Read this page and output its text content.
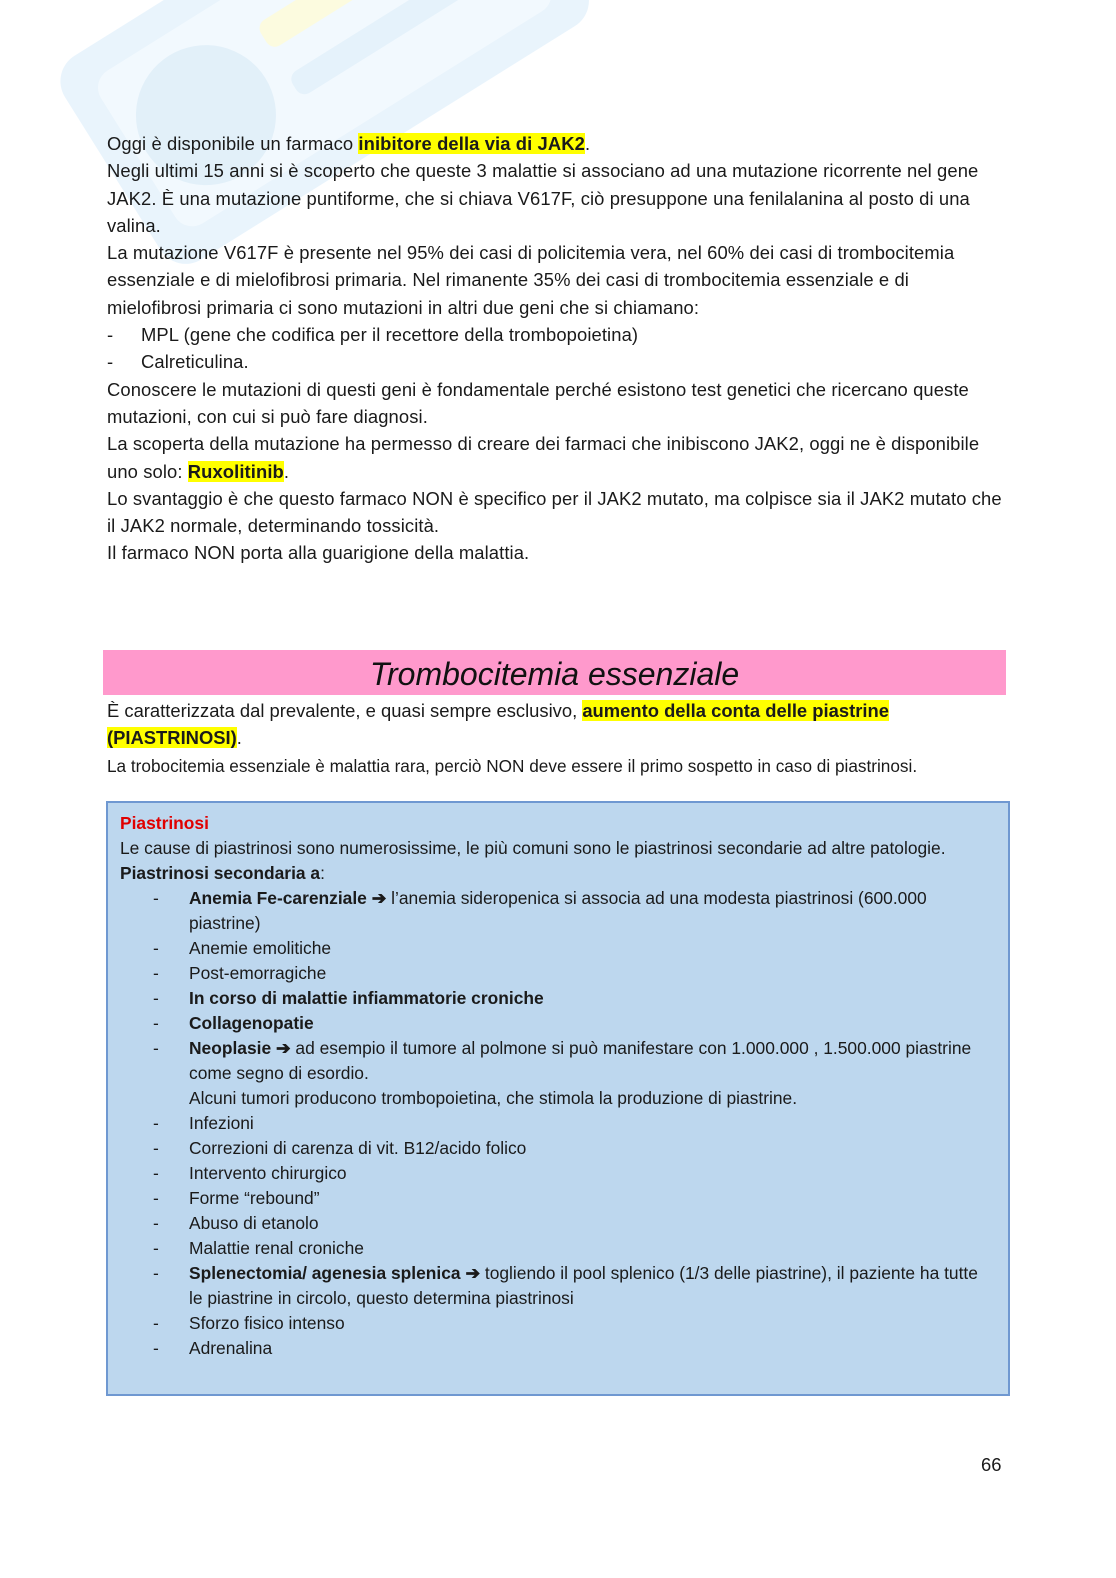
Oggi è disponibile un farmaco inibitore della via di JAK2.

Negli ultimi 15 anni si è scoperto che queste 3 malattie si associano ad una mutazione ricorrente nel gene JAK2. È una mutazione puntiforme, che si chiava V617F, ciò presuppone una fenilalanina al posto di una valina.

La mutazione V617F è presente nel 95% dei casi di policitemia vera, nel 60% dei casi di trombocitemia essenziale e di mielofibrosi primaria. Nel rimanente 35% dei casi di trombocitemia essenziale e di mielofibrosi primaria ci sono mutazioni in altri due geni che si chiamano:

-	MPL (gene che codifica per il recettore della trombopoietina)
-	Calreticulina.

Conoscere le mutazioni di questi geni è fondamentale perché esistono test genetici che ricercano queste mutazioni, con cui si può fare diagnosi.

La scoperta della mutazione ha permesso di creare dei farmaci che inibiscono JAK2, oggi ne è disponibile uno solo: Ruxolitinib.

Lo svantaggio è che questo farmaco NON è specifico per il JAK2 mutato, ma colpisce sia il JAK2 mutato che il JAK2 normale, determinando tossicità.

Il farmaco NON porta alla guarigione della malattia.

Trombocitemia essenziale

È caratterizzata dal prevalente, e quasi sempre esclusivo, aumento della conta delle piastrine (PIASTRINOSI).

La trobocitemia essenziale è malattia rara, perciò NON deve essere il primo sospetto in caso di piastrinosi.

Piastrinosi

Le cause di piastrinosi sono numerosissime, le più comuni sono le piastrinosi secondarie ad altre patologie.

Piastrinosi secondaria a:

-	Anemia Fe-carenziale ➔ l’anemia sideropenica si associa ad una modesta piastrinosi (600.000 piastrine)
-	Anemie emolitiche
-	Post-emorragiche
-	In corso di malattie infiammatorie croniche
-	Collagenopatie
-	Neoplasie ➔ ad esempio il tumore al polmone si può manifestare con 1.000.000 , 1.500.000 piastrine come segno di esordio.
Alcuni tumori producono trombopoietina, che stimola la produzione di piastrine.
-	Infezioni
-	Correzioni di carenza di vit. B12/acido folico
-	Intervento chirurgico
-	Forme “rebound”
-	Abuso di etanolo
-	Malattie renal croniche
-	Splenectomia/ agenesia splenica ➔ togliendo il pool splenico (1/3 delle piastrine), il paziente ha tutte le piastrine in circolo, questo determina piastrinosi
-	Sforzo fisico intenso
-	Adrenalina
66
